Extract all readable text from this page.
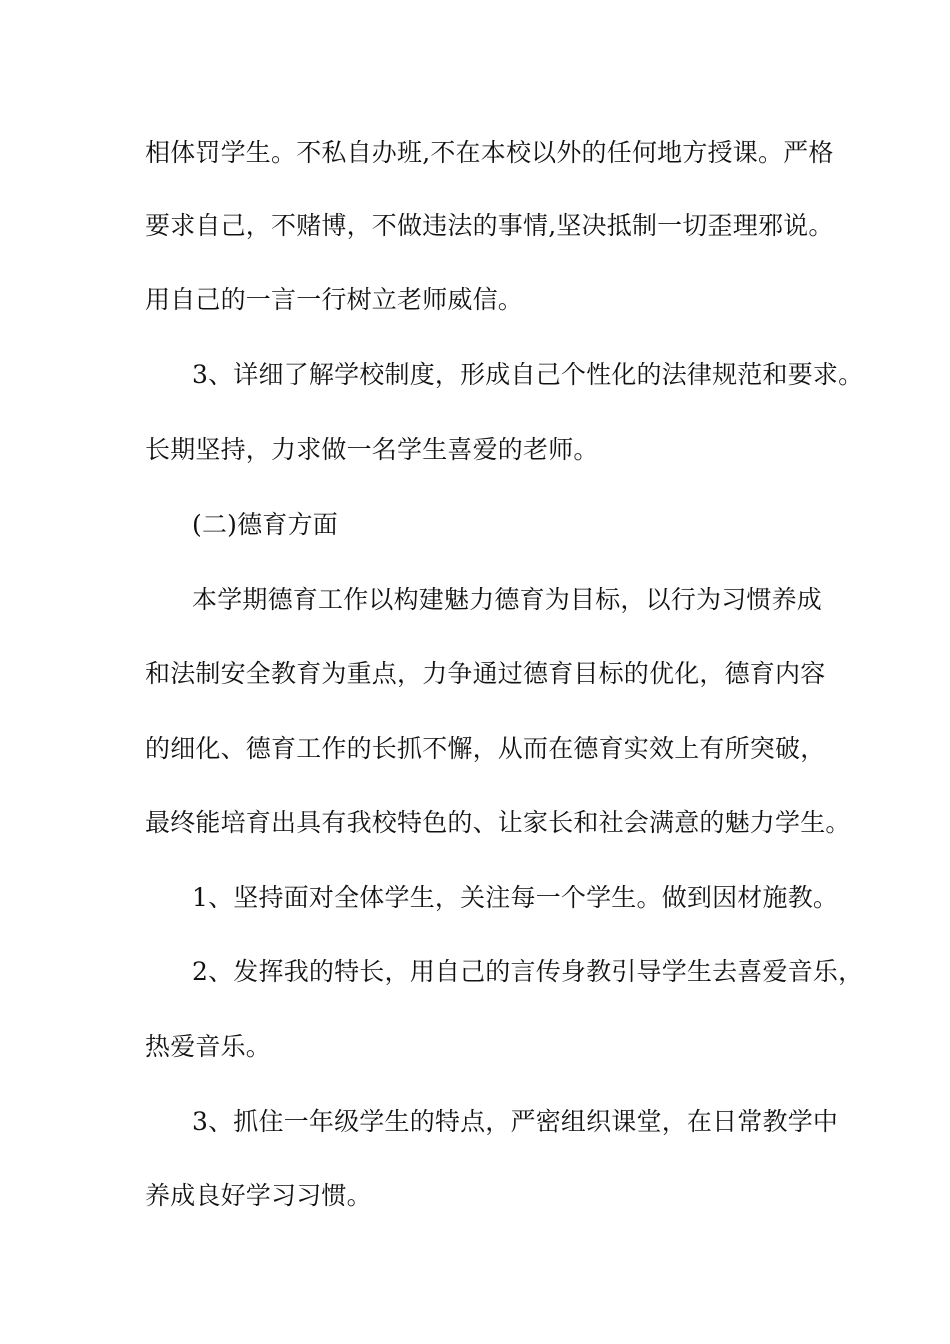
相体罚学生。不私自办班,不在本校以外的任何地方授课。严格
要求自己，不赌博，不做违法的事情,坚决抵制一切歪理邪说。
用自己的一言一行树立老师威信。
3、详细了解学校制度，形成自己个性化的法律规范和要求。
长期坚持，力求做一名学生喜爱的老师。
(二)德育方面
本学期德育工作以构建魅力德育为目标，以行为习惯养成
和法制安全教育为重点，力争通过德育目标的优化，德育内容
的细化、德育工作的长抓不懈，从而在德育实效上有所突破，
最终能培育出具有我校特色的、让家长和社会满意的魅力学生。
1、坚持面对全体学生，关注每一个学生。做到因材施教。
2、发挥我的特长，用自己的言传身教引导学生去喜爱音乐，
热爱音乐。
3、抓住一年级学生的特点，严密组织课堂，在日常教学中
养成良好学习习惯。
